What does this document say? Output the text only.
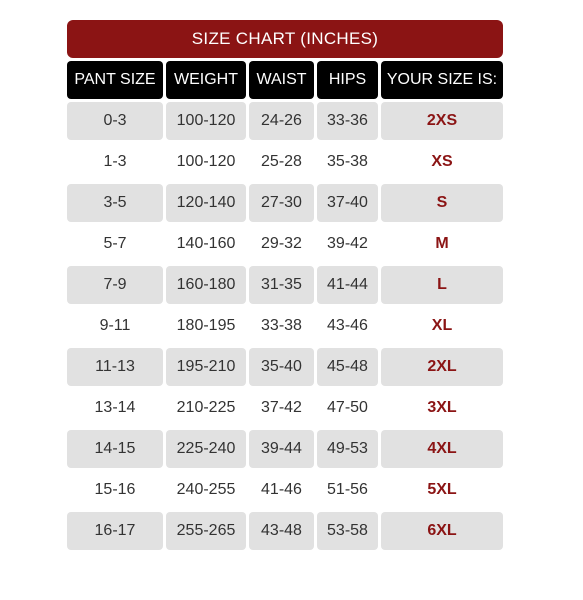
SIZE CHART (INCHES)
PANT SIZE	WEIGHT	WAIST	HIPS	YOUR SIZE IS:
0-3	100-120	24-26	33-36	2XS
1-3	100-120	25-28	35-38	XS
3-5	120-140	27-30	37-40	S
5-7	140-160	29-32	39-42	M
7-9	160-180	31-35	41-44	L
9-11	180-195	33-38	43-46	XL
11-13	195-210	35-40	45-48	2XL
13-14	210-225	37-42	47-50	3XL
14-15	225-240	39-44	49-53	4XL
15-16	240-255	41-46	51-56	5XL
16-17	255-265	43-48	53-58	6XL
